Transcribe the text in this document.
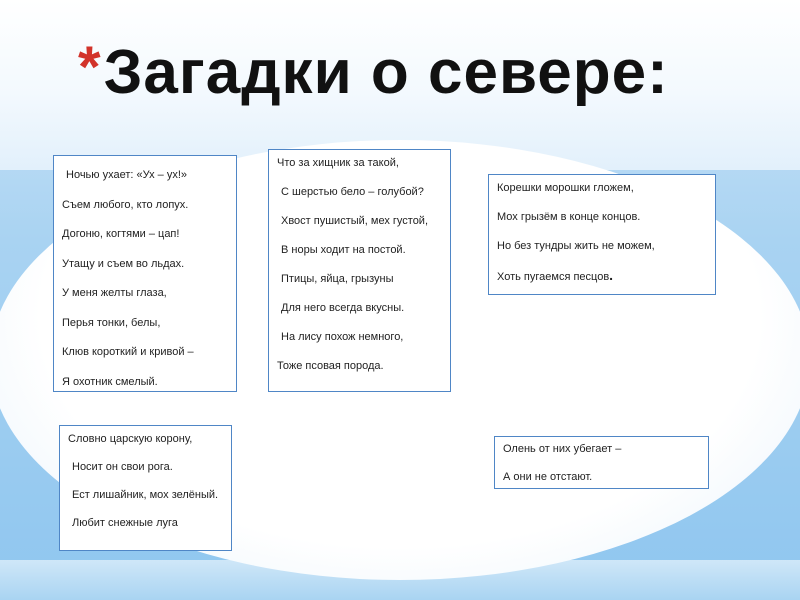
*Загадки о севере:

Ночью ухает: «Ух – ух!»

Съем любого, кто лопух.

Догоню, когтями – цап!

Утащу и съем во льдах.

У меня желты глаза,

Перья тонки, белы,

Клюв короткий и кривой –

Я охотник смелый.

Что за хищник за такой,

С шерстью бело – голубой?

Хвост пушистый, мех густой,

В норы ходит на постой.

Птицы, яйца, грызуны

Для него всегда вкусны.

На лису похож немного,

Тоже псовая порода.

Корешки морошки гложем,

Мох грызём в конце концов.

Но без тундры жить не можем,

Хоть пугаемся песцов.

Словно царскую корону,

Носит он свои рога.

Ест лишайник, мох зелёный.

Любит снежные луга

Олень от них убегает –

А они не отстают.
